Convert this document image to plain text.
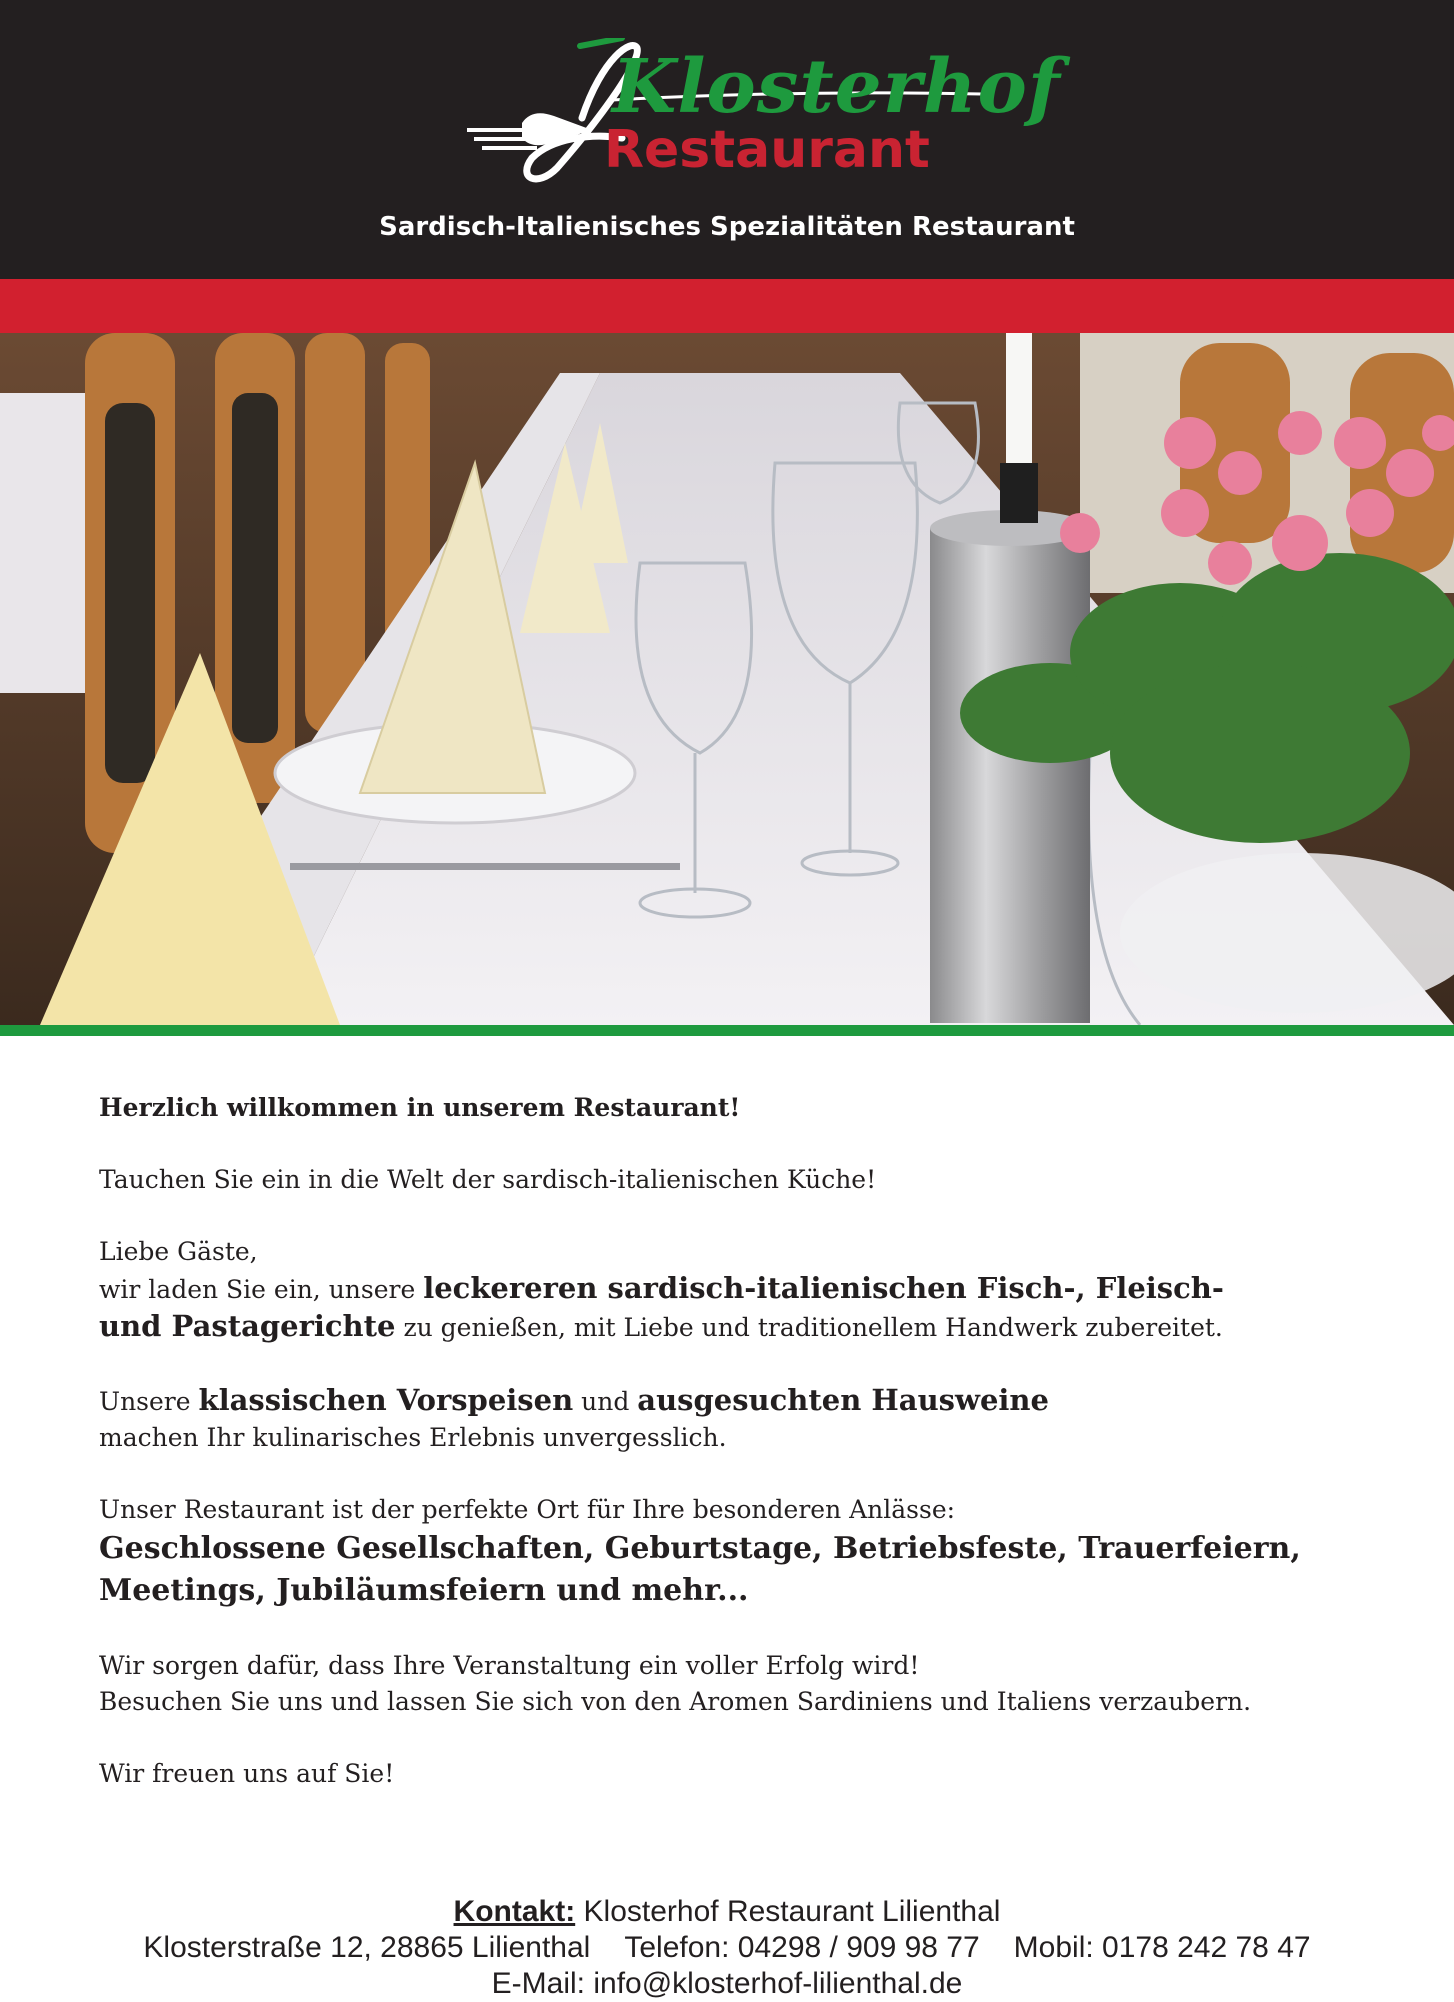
Klosterhof
Restaurant
Sardisch-Italienisches Spezialitäten Restaurant

Herzlich willkommen in unserem Restaurant!

Tauchen Sie ein in die Welt der sardisch-italienischen Küche!

Liebe Gäste,

wir laden Sie ein, unsere leckereren sardisch-italienischen Fisch-, Fleisch-

und Pastagerichte zu genießen, mit Liebe und traditionellem Handwerk zubereitet.

Unsere klassischen Vorspeisen und ausgesuchten Hausweine

machen Ihr kulinarisches Erlebnis unvergesslich.

Unser Restaurant ist der perfekte Ort für Ihre besonderen Anlässe:

Geschlossene Gesellschaften, Geburtstage, Betriebsfeste, Trauerfeiern,

Meetings, Jubiläumsfeiern und mehr...

Wir sorgen dafür, dass Ihre Veranstaltung ein voller Erfolg wird!

Besuchen Sie uns und lassen Sie sich von den Aromen Sardiniens und Italiens verzaubern.

Wir freuen uns auf Sie!

Kontakt: Klosterhof Restaurant Lilienthal
Klosterstraße 12, 28865 Lilienthal Telefon: 04298 / 909 98 77 Mobil: 0178 242 78 47
E-Mail: info@klosterhof-lilienthal.de
